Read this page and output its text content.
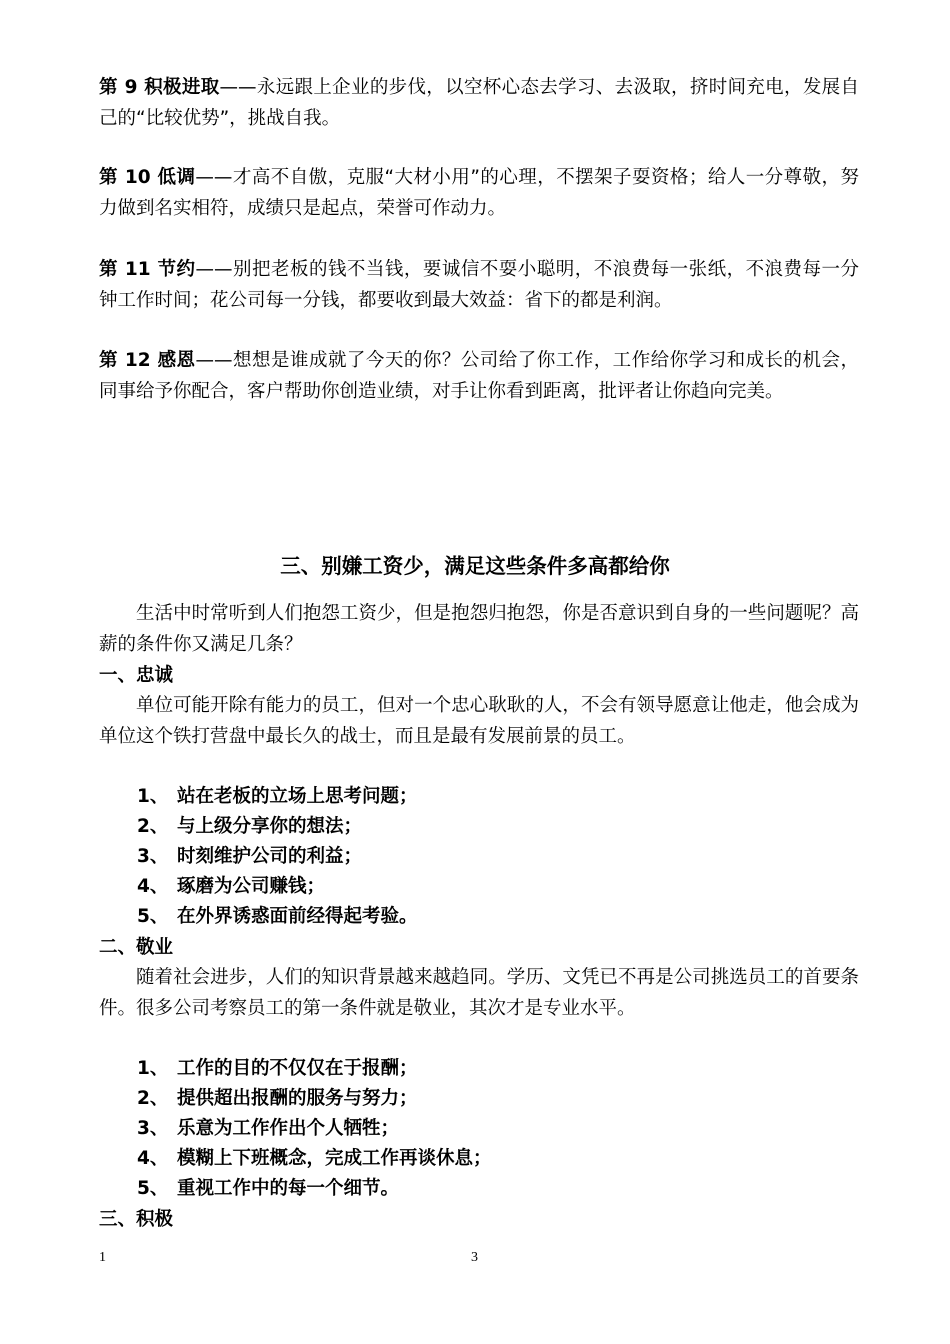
第 9 积极进取——永远跟上企业的步伐，以空杯心态去学习、去汲取，挤时间充电，发展自己的“比较优势”，挑战自我。
第 10 低调——才高不自傲，克服“大材小用”的心理，不摆架子耍资格；给人一分尊敬，努力做到名实相符，成绩只是起点，荣誉可作动力。
第 11 节约——别把老板的钱不当钱，要诚信不耍小聪明，不浪费每一张纸，不浪费每一分钟工作时间；花公司每一分钱，都要收到最大效益：省下的都是利润。
第 12 感恩——想想是谁成就了今天的你？公司给了你工作，工作给你学习和成长的机会，同事给予你配合，客户帮助你创造业绩，对手让你看到距离，批评者让你趋向完美。
三、别嫌工资少，满足这些条件多高都给你
生活中时常听到人们抱怨工资少，但是抱怨归抱怨，你是否意识到自身的一些问题呢？高薪的条件你又满足几条？
一、忠诚
单位可能开除有能力的员工，但对一个忠心耿耿的人，不会有领导愿意让他走，他会成为单位这个铁打营盘中最长久的战士，而且是最有发展前景的员工。
1、 站在老板的立场上思考问题；
2、 与上级分享你的想法；
3、 时刻维护公司的利益；
4、 琢磨为公司赚钱；
5、 在外界诱惑面前经得起考验。
二、敬业
随着社会进步，人们的知识背景越来越趋同。学历、文凭已不再是公司挑选员工的首要条件。很多公司考察员工的第一条件就是敬业，其次才是专业水平。
1、 工作的目的不仅仅在于报酬；
2、 提供超出报酬的服务与努力；
3、 乐意为工作作出个人牺牲；
4、 模糊上下班概念，完成工作再谈休息；
5、 重视工作中的每一个细节。
三、积极
1	3
